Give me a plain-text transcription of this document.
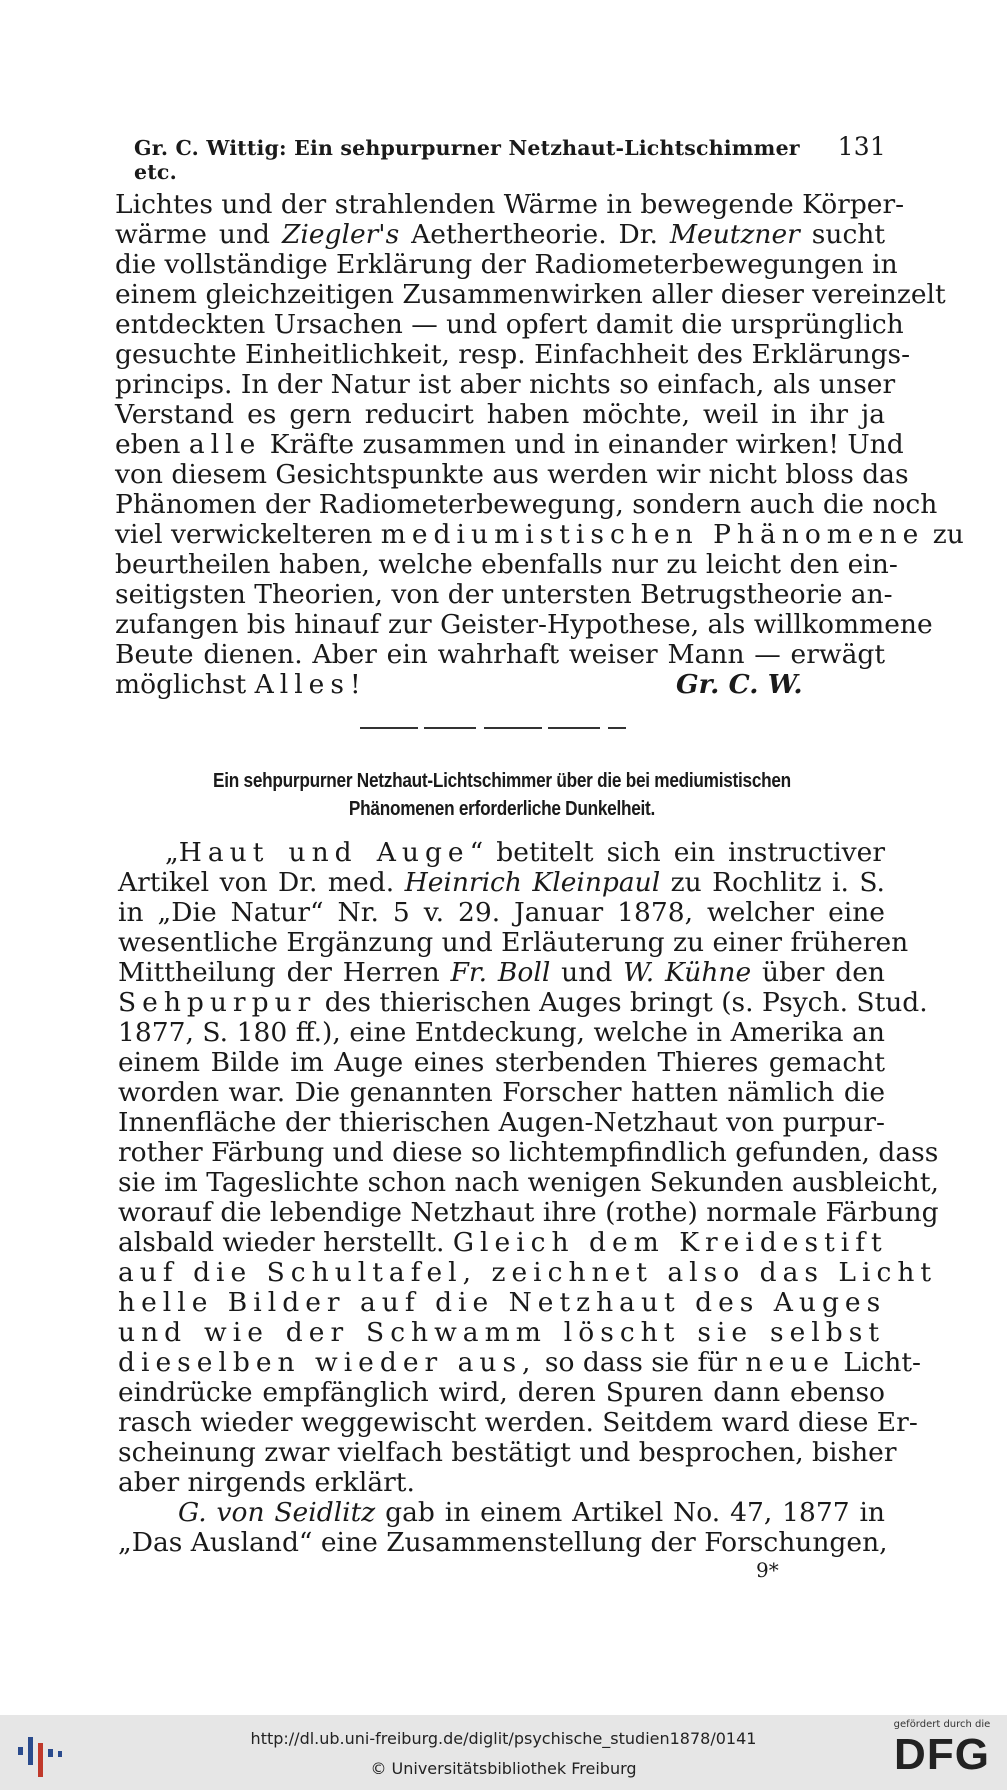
Gr. C. Wittig: Ein sehpurpurner Netzhaut-Lichtschimmer etc.
131
Lichtes und der strahlenden Wärme in bewegende Körper-
wärme und Ziegler's Aethertheorie. Dr. Meutzner sucht
die vollständige Erklärung der Radiometerbewegungen in
einem gleichzeitigen Zusammenwirken aller dieser vereinzelt
entdeckten Ursachen — und opfert damit die ursprünglich
gesuchte Einheitlichkeit, resp. Einfachheit des Erklärungs-
princips. In der Natur ist aber nichts so einfach, als unser
Verstand es gern reducirt haben möchte, weil in ihr ja
eben alle Kräfte zusammen und in einander wirken! Und
von diesem Gesichtspunkte aus werden wir nicht bloss das
Phänomen der Radiometerbewegung, sondern auch die noch
viel verwickelteren mediumistischen Phänomene zu
beurtheilen haben, welche ebenfalls nur zu leicht den ein-
seitigsten Theorien, von der untersten Betrugstheorie an-
zufangen bis hinauf zur Geister-Hypothese, als willkommene
Beute dienen. Aber ein wahrhaft weiser Mann — erwägt
möglichst Alles!	Gr. C. W.
Ein sehpurpurner Netzhaut-Lichtschimmer über die bei mediumistischen
Phänomenen erforderliche Dunkelheit.
„Haut und Auge“ betitelt sich ein instructiver
Artikel von Dr. med. Heinrich Kleinpaul zu Rochlitz i. S.
in „Die Natur“ Nr. 5 v. 29. Januar 1878, welcher eine
wesentliche Ergänzung und Erläuterung zu einer früheren
Mittheilung der Herren Fr. Boll und W. Kühne über den
Sehpurpur des thierischen Auges bringt (s. Psych. Stud.
1877, S. 180 ff.), eine Entdeckung, welche in Amerika an
einem Bilde im Auge eines sterbenden Thieres gemacht
worden war. Die genannten Forscher hatten nämlich die
Innenfläche der thierischen Augen-Netzhaut von purpur-
rother Färbung und diese so lichtempfindlich gefunden, dass
sie im Tageslichte schon nach wenigen Sekunden ausbleicht,
worauf die lebendige Netzhaut ihre (rothe) normale Färbung
alsbald wieder herstellt. Gleich dem Kreidestift
auf die Schultafel, zeichnet also das Licht
helle Bilder auf die Netzhaut des Auges
und wie der Schwamm löscht sie selbst
dieselben wieder aus, so dass sie für neue Licht-
eindrücke empfänglich wird, deren Spuren dann ebenso
rasch wieder weggewischt werden. Seitdem ward diese Er-
scheinung zwar vielfach bestätigt und besprochen, bisher
aber nirgends erklärt.
G. von Seidlitz gab in einem Artikel No. 47, 1877 in
„Das Ausland“ eine Zusammenstellung der Forschungen,
9*
http://dl.ub.uni-freiburg.de/diglit/psychische_studien1878/0141
© Universitätsbibliothek Freiburg
gefördert durch die
DFG
